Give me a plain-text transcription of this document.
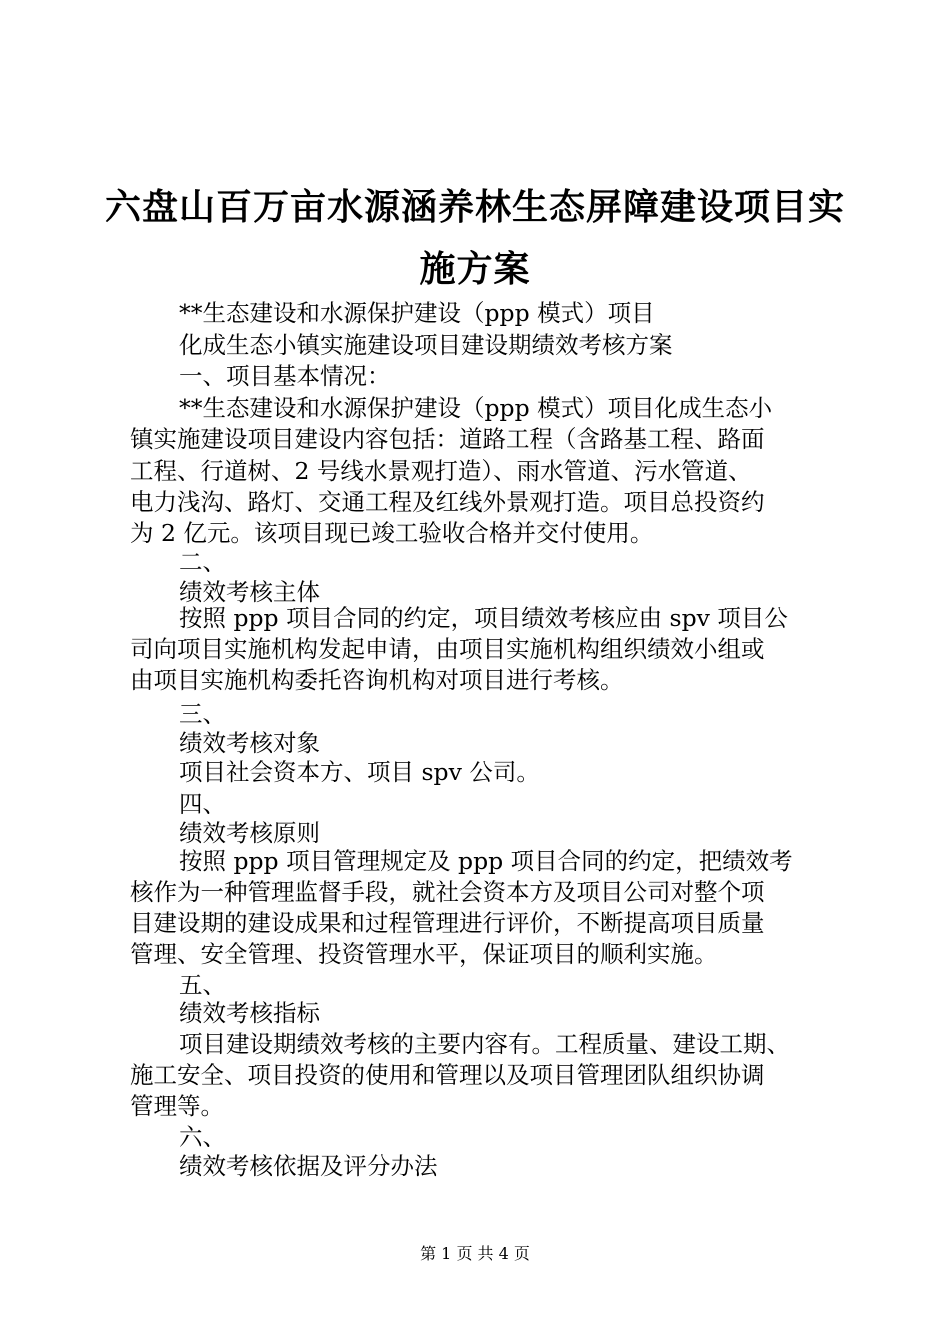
六盘山百万亩水源涵养林生态屏障建设项目实
施方案
**生态建设和水源保护建设（ppp 模式）项目
化成生态小镇实施建设项目建设期绩效考核方案
一、项目基本情况：
**生态建设和水源保护建设（ppp 模式）项目化成生态小
镇实施建设项目建设内容包括：道路工程（含路基工程、路面
工程、行道树、2 号线水景观打造）、雨水管道、污水管道、
电力浅沟、路灯、交通工程及红线外景观打造。项目总投资约
为 2 亿元。该项目现已竣工验收合格并交付使用。
二、
绩效考核主体
按照 ppp 项目合同的约定，项目绩效考核应由 spv 项目公
司向项目实施机构发起申请，由项目实施机构组织绩效小组或
由项目实施机构委托咨询机构对项目进行考核。
三、
绩效考核对象
项目社会资本方、项目 spv 公司。
四、
绩效考核原则
按照 ppp 项目管理规定及 ppp 项目合同的约定，把绩效考
核作为一种管理监督手段，就社会资本方及项目公司对整个项
目建设期的建设成果和过程管理进行评价，不断提高项目质量
管理、安全管理、投资管理水平，保证项目的顺利实施。
五、
绩效考核指标
项目建设期绩效考核的主要内容有。工程质量、建设工期、
施工安全、项目投资的使用和管理以及项目管理团队组织协调
管理等。
六、
绩效考核依据及评分办法
第 1 页 共 4 页
